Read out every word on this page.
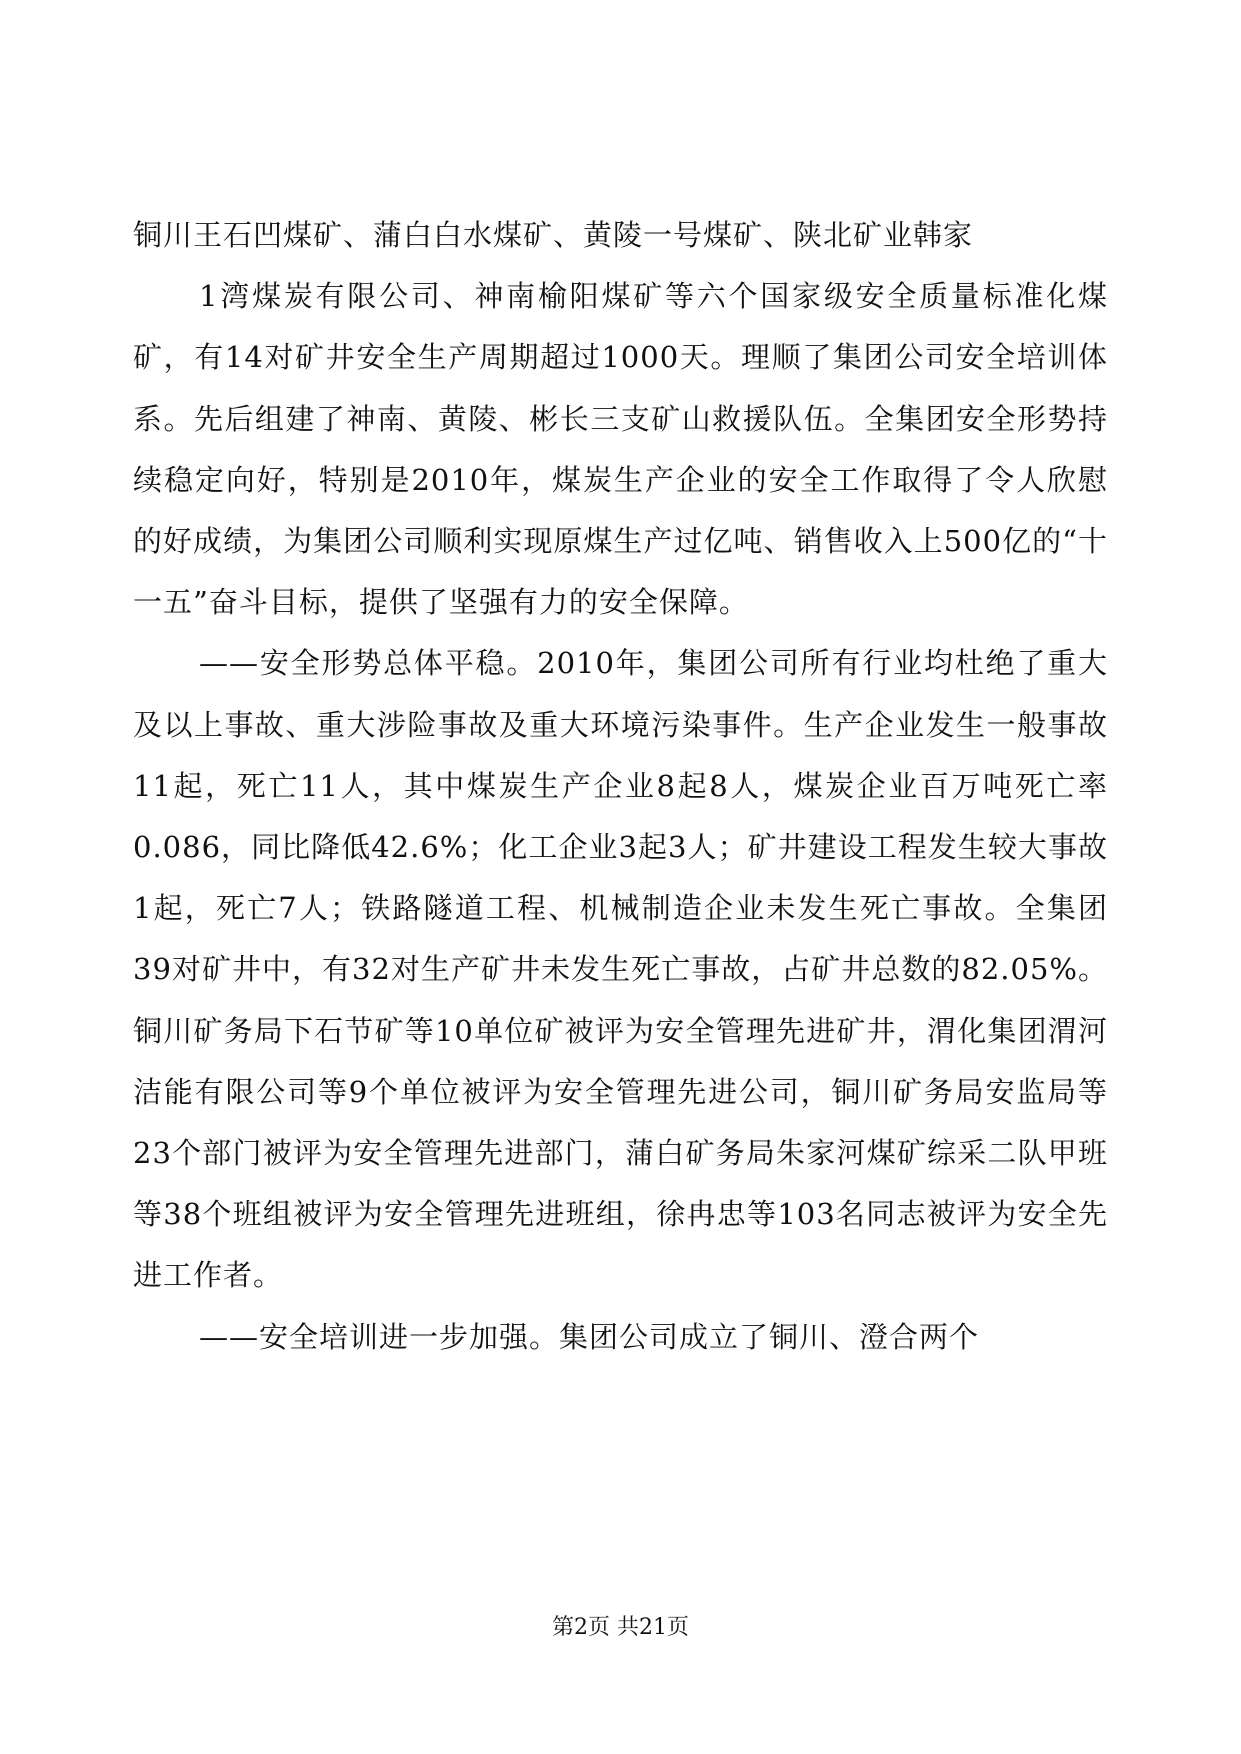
铜川王石凹煤矿、蒲白白水煤矿、黄陵一号煤矿、陕北矿业韩家

1湾煤炭有限公司、神南榆阳煤矿等六个国家级安全质量标准化煤矿，有14对矿井安全生产周期超过1000天。理顺了集团公司安全培训体系。先后组建了神南、黄陵、彬长三支矿山救援队伍。全集团安全形势持续稳定向好，特别是2010年，煤炭生产企业的安全工作取得了令人欣慰的好成绩，为集团公司顺利实现原煤生产过亿吨、销售收入上500亿的“十一五”奋斗目标，提供了坚强有力的安全保障。

——安全形势总体平稳。2010年，集团公司所有行业均杜绝了重大及以上事故、重大涉险事故及重大环境污染事件。生产企业发生一般事故11起，死亡11人，其中煤炭生产企业8起8人，煤炭企业百万吨死亡率0.086，同比降低42.6%；化工企业3起3人；矿井建设工程发生较大事故1起，死亡7人；铁路隧道工程、机械制造企业未发生死亡事故。全集团39对矿井中，有32对生产矿井未发生死亡事故，占矿井总数的82.05%。铜川矿务局下石节矿等10单位矿被评为安全管理先进矿井，渭化集团渭河洁能有限公司等9个单位被评为安全管理先进公司，铜川矿务局安监局等23个部门被评为安全管理先进部门，蒲白矿务局朱家河煤矿综采二队甲班等38个班组被评为安全管理先进班组，徐冉忠等103名同志被评为安全先进工作者。

——安全培训进一步加强。集团公司成立了铜川、澄合两个

第2页 共21页
